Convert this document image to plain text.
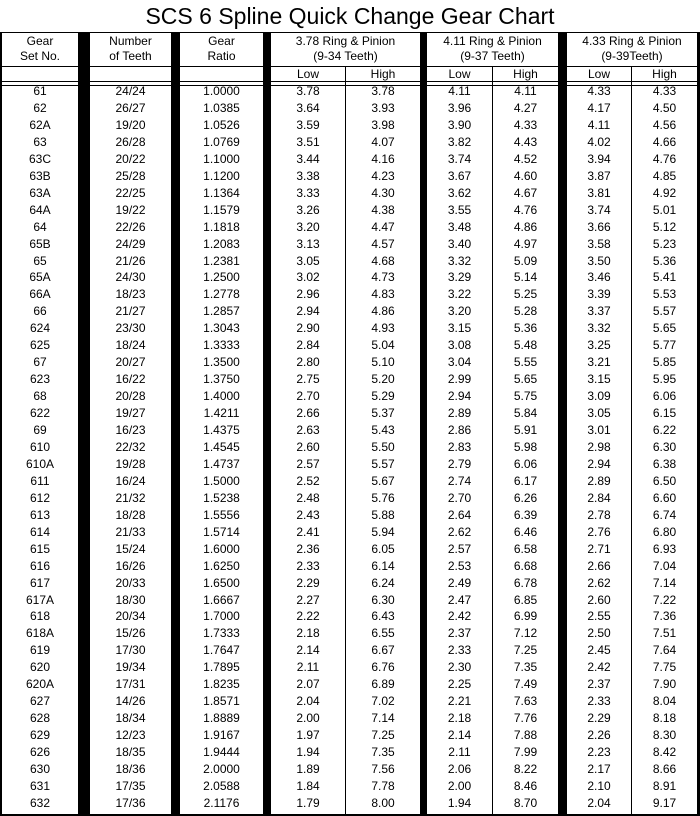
SCS 6 Spline Quick Change Gear Chart
Gear
Set No.
Number
of Teeth
Gear
Ratio
3.78 Ring & Pinion
(9-34 Teeth)
4.11 Ring & Pinion
(9-37 Teeth)
4.33 Ring & Pinion
(9-39Teeth)
Low	High	Low	High	Low	High
61	24/24	1.0000	3.78	3.78	4.11	4.11	4.33	4.33
62	26/27	1.0385	3.64	3.93	3.96	4.27	4.17	4.50
62A	19/20	1.0526	3.59	3.98	3.90	4.33	4.11	4.56
63	26/28	1.0769	3.51	4.07	3.82	4.43	4.02	4.66
63C	20/22	1.1000	3.44	4.16	3.74	4.52	3.94	4.76
63B	25/28	1.1200	3.38	4.23	3.67	4.60	3.87	4.85
63A	22/25	1.1364	3.33	4.30	3.62	4.67	3.81	4.92
64A	19/22	1.1579	3.26	4.38	3.55	4.76	3.74	5.01
64	22/26	1.1818	3.20	4.47	3.48	4.86	3.66	5.12
65B	24/29	1.2083	3.13	4.57	3.40	4.97	3.58	5.23
65	21/26	1.2381	3.05	4.68	3.32	5.09	3.50	5.36
65A	24/30	1.2500	3.02	4.73	3.29	5.14	3.46	5.41
66A	18/23	1.2778	2.96	4.83	3.22	5.25	3.39	5.53
66	21/27	1.2857	2.94	4.86	3.20	5.28	3.37	5.57
624	23/30	1.3043	2.90	4.93	3.15	5.36	3.32	5.65
625	18/24	1.3333	2.84	5.04	3.08	5.48	3.25	5.77
67	20/27	1.3500	2.80	5.10	3.04	5.55	3.21	5.85
623	16/22	1.3750	2.75	5.20	2.99	5.65	3.15	5.95
68	20/28	1.4000	2.70	5.29	2.94	5.75	3.09	6.06
622	19/27	1.4211	2.66	5.37	2.89	5.84	3.05	6.15
69	16/23	1.4375	2.63	5.43	2.86	5.91	3.01	6.22
610	22/32	1.4545	2.60	5.50	2.83	5.98	2.98	6.30
610A	19/28	1.4737	2.57	5.57	2.79	6.06	2.94	6.38
611	16/24	1.5000	2.52	5.67	2.74	6.17	2.89	6.50
612	21/32	1.5238	2.48	5.76	2.70	6.26	2.84	6.60
613	18/28	1.5556	2.43	5.88	2.64	6.39	2.78	6.74
614	21/33	1.5714	2.41	5.94	2.62	6.46	2.76	6.80
615	15/24	1.6000	2.36	6.05	2.57	6.58	2.71	6.93
616	16/26	1.6250	2.33	6.14	2.53	6.68	2.66	7.04
617	20/33	1.6500	2.29	6.24	2.49	6.78	2.62	7.14
617A	18/30	1.6667	2.27	6.30	2.47	6.85	2.60	7.22
618	20/34	1.7000	2.22	6.43	2.42	6.99	2.55	7.36
618A	15/26	1.7333	2.18	6.55	2.37	7.12	2.50	7.51
619	17/30	1.7647	2.14	6.67	2.33	7.25	2.45	7.64
620	19/34	1.7895	2.11	6.76	2.30	7.35	2.42	7.75
620A	17/31	1.8235	2.07	6.89	2.25	7.49	2.37	7.90
627	14/26	1.8571	2.04	7.02	2.21	7.63	2.33	8.04
628	18/34	1.8889	2.00	7.14	2.18	7.76	2.29	8.18
629	12/23	1.9167	1.97	7.25	2.14	7.88	2.26	8.30
626	18/35	1.9444	1.94	7.35	2.11	7.99	2.23	8.42
630	18/36	2.0000	1.89	7.56	2.06	8.22	2.17	8.66
631	17/35	2.0588	1.84	7.78	2.00	8.46	2.10	8.91
632	17/36	2.1176	1.79	8.00	1.94	8.70	2.04	9.17
